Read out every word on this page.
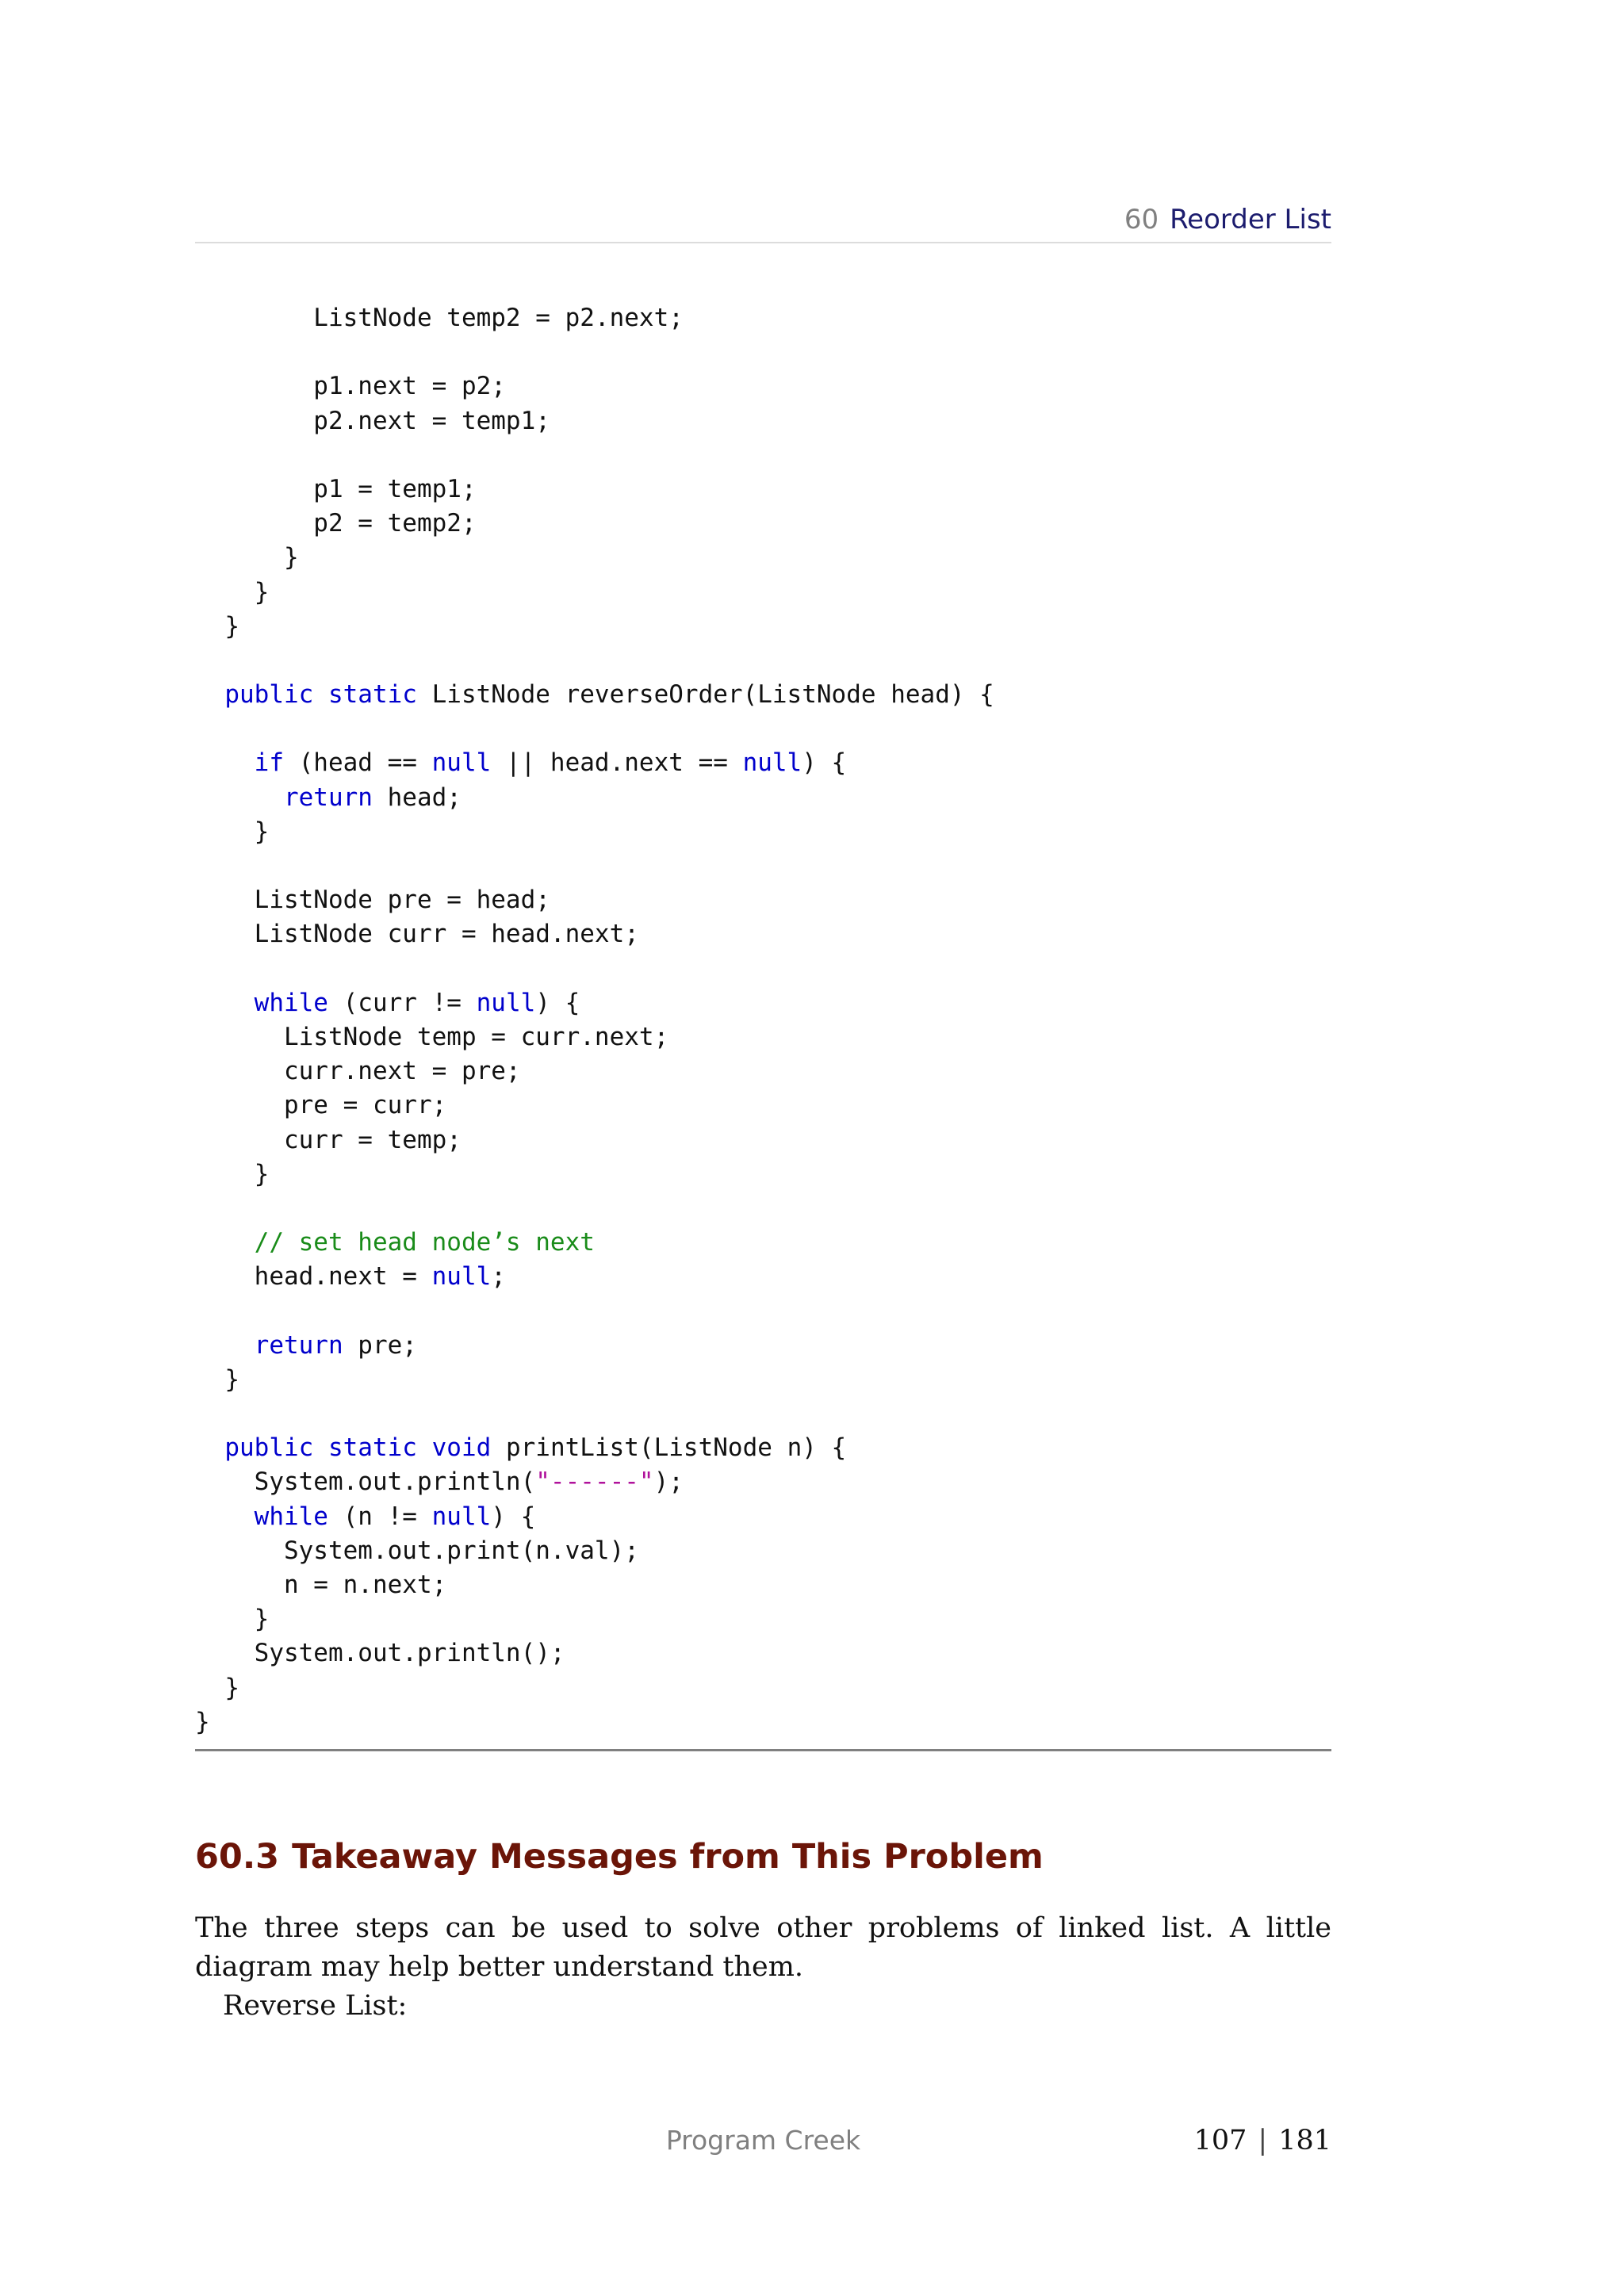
60 Reorder List
ListNode temp2 = p2.next;
p1.next = p2;
p2.next = temp1;
p1 = temp1;
p2 = temp2;
}
}
}
public static ListNode reverseOrder(ListNode head) {
if (head == null || head.next == null) {
return head;
}
ListNode pre = head;
ListNode curr = head.next;
while (curr != null) {
ListNode temp = curr.next;
curr.next = pre;
pre = curr;
curr = temp;
}
// set head node’s next
head.next = null;
return pre;
}
public static void printList(ListNode n) {
System.out.println("------");
while (n != null) {
System.out.print(n.val);
n = n.next;
}
System.out.println();
}
}
60.3 Takeaway Messages from This Problem

The three steps can be used to solve other problems of linked list. A little diagram may help better understand them.

Reverse List:

Program Creek	107 | 181
